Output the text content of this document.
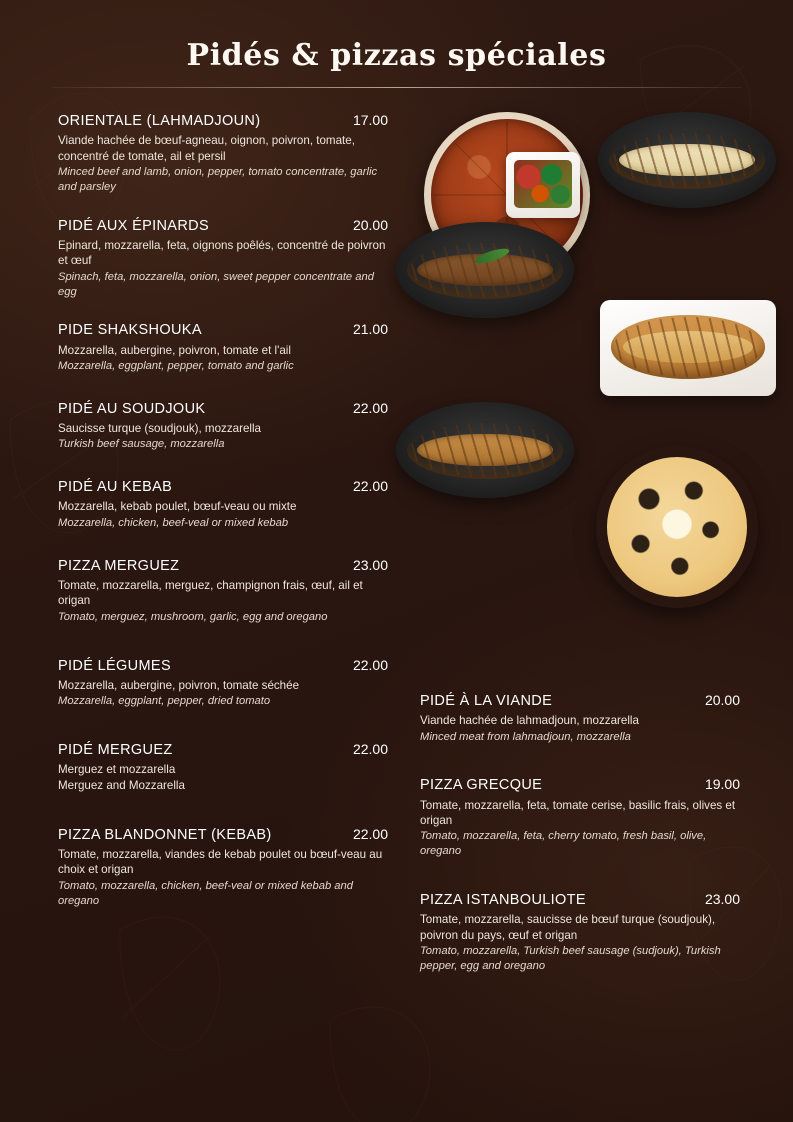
Pidés & pizzas spéciales
ORIENTALE (LAHMADJOUN)	17.00
Viande hachée de bœuf-agneau, oignon, poivron, tomate, concentré de tomate, ail et persil
Minced beef and lamb, onion, pepper, tomato concentrate, garlic and parsley
PIDÉ AUX ÉPINARDS	20.00
Epinard, mozzarella, feta, oignons poêlés, concentré de poivron et œuf
Spinach, feta, mozzarella, onion, sweet pepper concentrate and egg
PIDE SHAKSHOUKA	21.00
Mozzarella, aubergine, poivron, tomate et l'ail
Mozzarella, eggplant, pepper, tomato and garlic
PIDÉ AU SOUDJOUK	22.00
Saucisse turque (soudjouk), mozzarella
Turkish beef sausage, mozzarella
PIDÉ AU KEBAB	22.00
Mozzarella, kebab poulet, bœuf-veau ou mixte
Mozzarella, chicken, beef-veal or mixed kebab
PIZZA MERGUEZ	23.00
Tomate, mozzarella, merguez, champignon frais, œuf, ail et origan
Tomato, merguez, mushroom, garlic, egg and oregano
PIDÉ LÉGUMES	22.00
Mozzarella, aubergine, poivron, tomate séchée
Mozzarella, eggplant, pepper, dried tomato
PIDÉ MERGUEZ	22.00
Merguez et mozzarella
Merguez and Mozzarella
PIZZA BLANDONNET (KEBAB)	22.00
Tomate, mozzarella, viandes de kebab poulet ou bœuf-veau au choix et origan
Tomato, mozzarella, chicken, beef-veal or mixed kebab and oregano
PIDÉ À LA VIANDE	20.00
Viande hachée de lahmadjoun, mozzarella
Minced meat from lahmadjoun, mozzarella
PIZZA GRECQUE	19.00
Tomate, mozzarella, feta, tomate cerise, basilic frais, olives et origan
Tomato, mozzarella, feta, cherry tomato, fresh basil, olive, oregano
PIZZA ISTANBOULIOTE	23.00
Tomate, mozzarella, saucisse de bœuf turque (soudjouk), poivron du pays, œuf et origan
Tomato, mozzarella, Turkish beef sausage (sudjouk), Turkish pepper, egg and oregano
